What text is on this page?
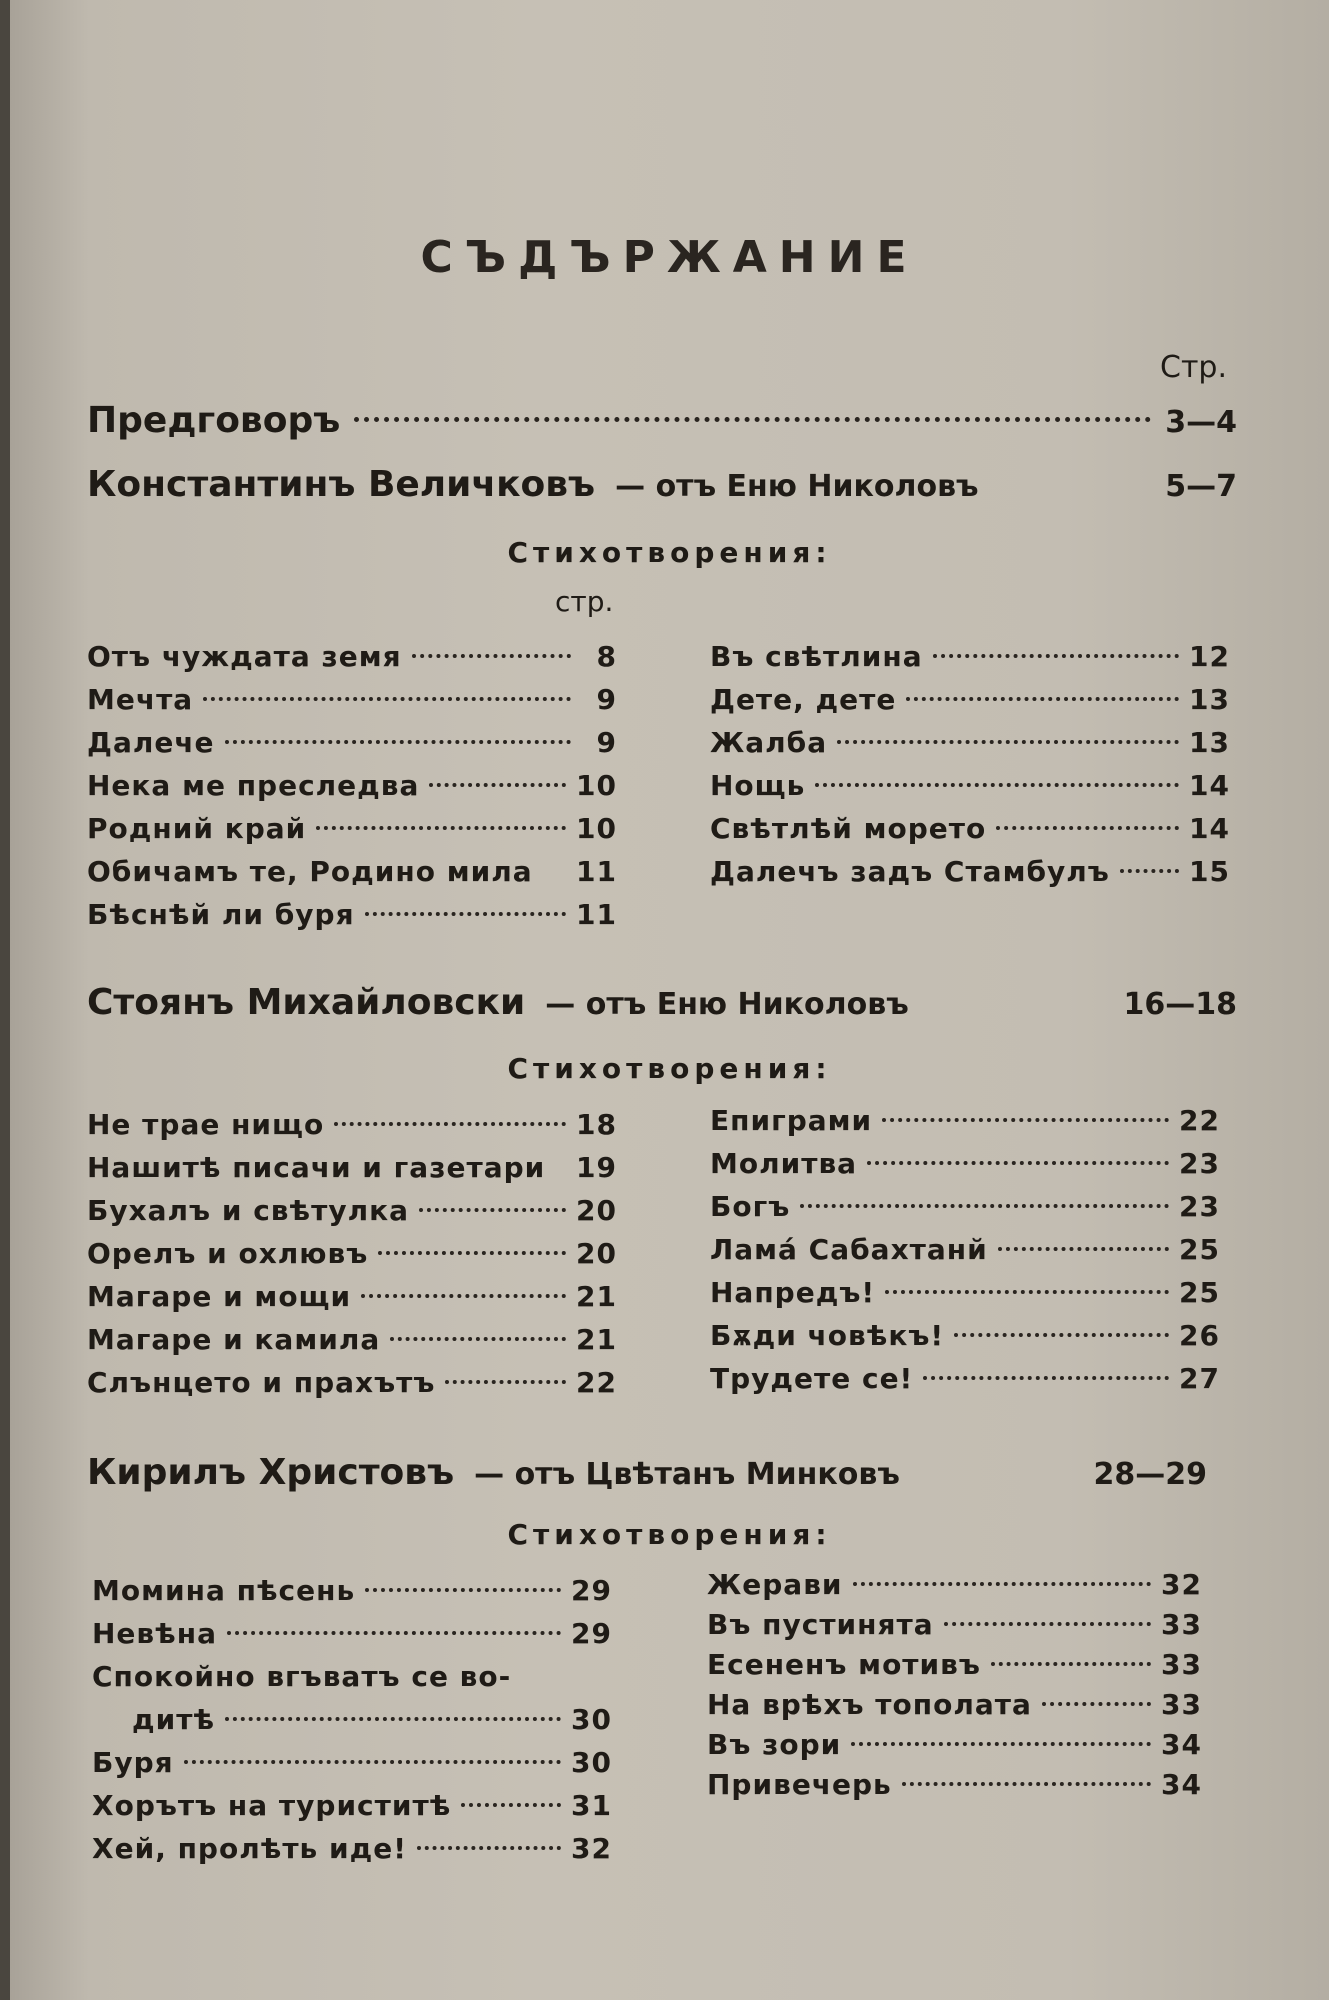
СЪДЪРЖАНИЕ
Стр.
Предговоръ	3—4
Константинъ Величковъ — отъ Еню Николовъ	5—7
Стихотворения:
стр.
Отъ чуждата земя	8
Мечта	9
Далече	9
Нека ме преследва	10
Родний край	10
Обичамъ те, Родино мила 11
Бѣснѣй ли буря	11
Въ свѣтлина	12
Дете, дете	13
Жалба	13
Нощь	14
Свѣтлѣй морето	14
Далечъ задъ Стамбулъ	15
Стоянъ Михайловски — отъ Еню Николовъ	16—18
Стихотворения:
Не трае нищо	18
Нашитѣ писачи и газетари 19
Бухалъ и свѣтулка	20
Орелъ и охлювъ	20
Магаре и мощи	21
Магаре и камила	21
Слънцето и прахътъ	22
Епиграми	22
Молитва	23
Богъ	23
Ламá Сабахтанй	25
Напредъ!	25
Бѫди човѣкъ!	26
Трудете се!	27
Кирилъ Христовъ — отъ Цвѣтанъ Минковъ	28—29
Стихотворения:
Момина пѣсень	29
Невѣна	29
Спокойно вгъватъ се во-
дитѣ	30
Буря	30
Хорътъ на туриститѣ	31
Хей, пролѣть иде!	32
Жерави	32
Въ пустинята	33
Есененъ мотивъ	33
На врѣхъ тополата	33
Въ зори	34
Привечерь	34
